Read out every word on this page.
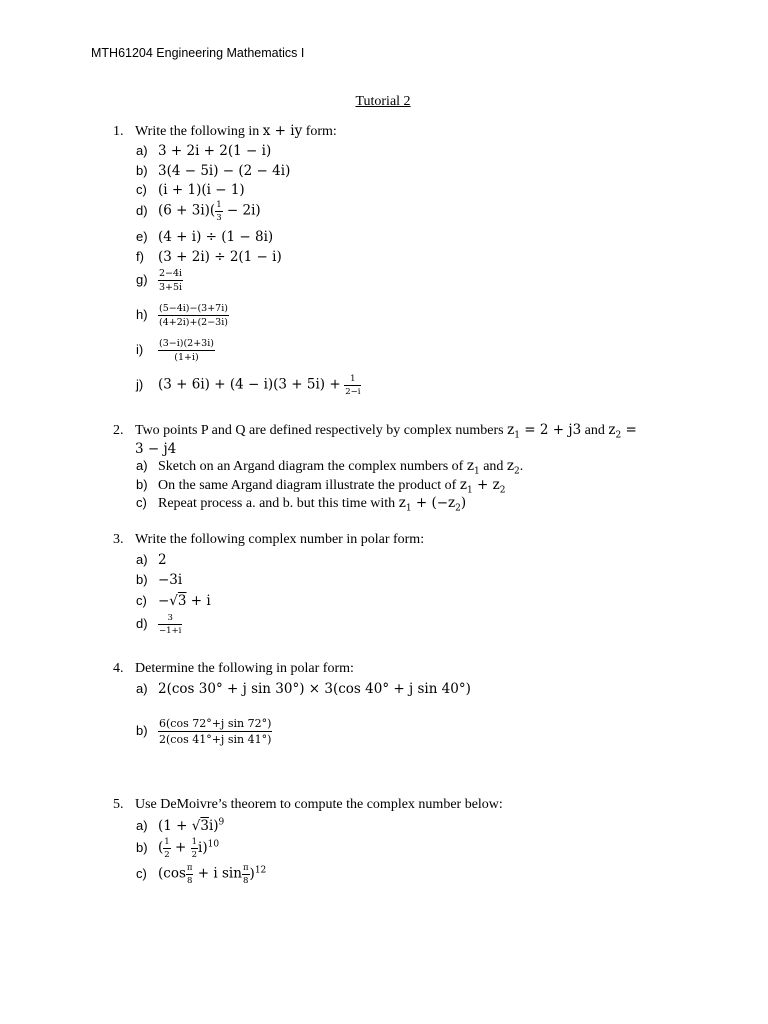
MTH61204 Engineering Mathematics I
Tutorial 2
1. Write the following in x + iy form:
a) 3 + 2i + 2(1 − i)
b) 3(4 − 5i) − (2 − 4i)
c) (i + 1)(i − 1)
d) $(6 + 3i)( \frac{1}{3} - 2i)$
e) (4 + i) ÷ (1 − 8i)
f) (3 + 2i) ÷ 2(1 − i)
$g) \frac{2-4i}{3+5i}$
$h) \frac{(5-4i)-(3+7i)}{(4+2i)+(2-3i)}$
$i) \frac{(3-i)(2+3i)}{(1+i)}$
j) $(3 + 6i) + (4 - i)(3 + 5i) + \frac{1}{2-i}$
2. Two points P and Q are defined respectively by complex numbers $z_1 = 2 + j3$ and $z_2$ =
3 − j4
a) Sketch on an Argand diagram the complex numbers of $z_1$ and $z_2$.
b) On the same Argand diagram illustrate the product of $z_1 + z_2$
c) Repeat process a. and b. but this time with $z_1 + (-z_2)$
3. Write the following complex number in polar form:
a) 2
b) −3i
c) −√3 + i
$d) \frac{3}{-1+i}$
4. Determine the following in polar form:
a) 2(cos 30° + j sin 30°) × 3(cos 40° + j sin 40°)
$b) \frac{\text{6(cos 72°+j sin 72°)}}{\text{2(cos 41°+j sin 41°)}}$
5. Use DeMoivre’s theorem to compute the complex number below:
a) $(1 + √3i)^9$
b) ( $\frac{1}{2} + \frac{1}{2} i)^{10}$
c) ($\cos \frac{\pi}{8} + i$ $\sin \frac{\pi}{8} )^{12}$
